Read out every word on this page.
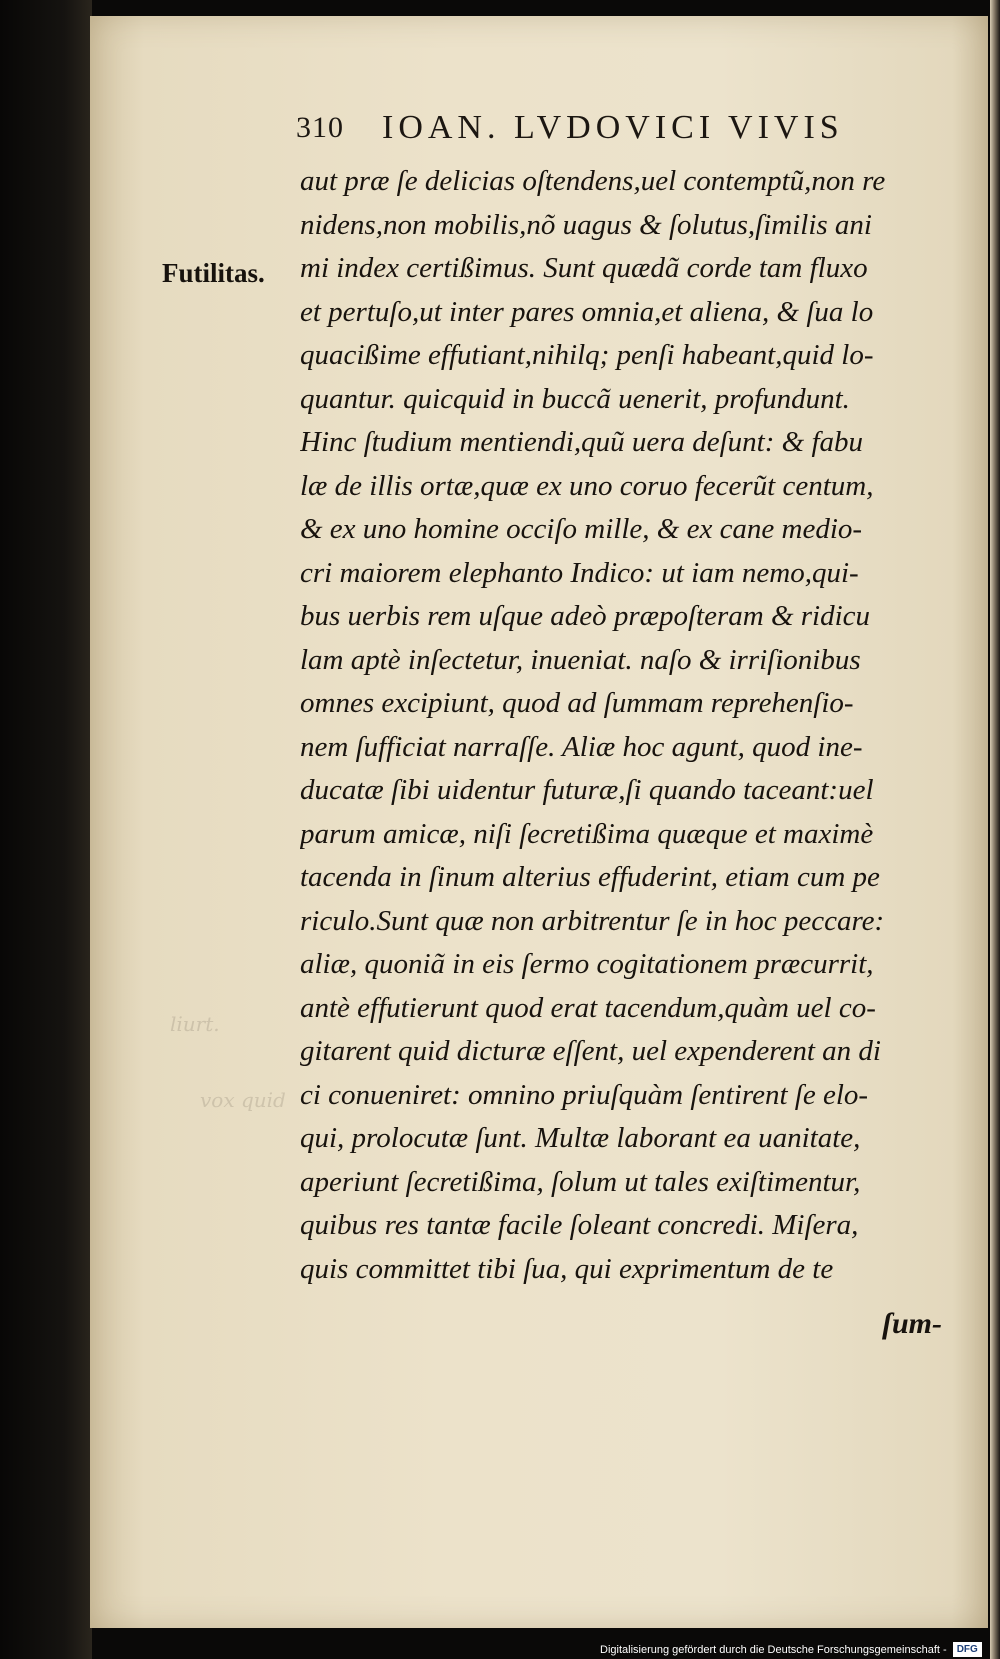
liurt.
vox quid
310 IOAN. LVDOVICI VIVIS
Futilitas.
aut præ ſe delicias oſtendens,uel contemptũ,non re
nidens,non mobilis,nõ uagus & ſolutus,ſimilis ani
mi index certißimus. Sunt quædã corde tam fluxo
et pertuſo,ut inter pares omnia,et aliena, & ſua lo
quacißime effutiant,nihilq; penſi habeant,quid lo-
quantur. quicquid in buccã uenerit, profundunt.
Hinc ſtudium mentiendi,quũ uera deſunt: & fabu
læ de illis ortæ,quæ ex uno coruo fecerũt centum,
& ex uno homine occiſo mille, & ex cane medio-
cri maiorem elephanto Indico: ut iam nemo,qui-
bus uerbis rem uſque adeò præpoſteram & ridicu
lam aptè inſectetur, inueniat. naſo & irriſionibus
omnes excipiunt, quod ad ſummam reprehenſio-
nem ſufficiat narraſſe. Aliæ hoc agunt, quod ine-
ducatæ ſibi uidentur futuræ,ſi quando taceant:uel
parum amicæ, niſi ſecretißima quæque et maximè
tacenda in ſinum alterius effuderint, etiam cum pe
riculo.Sunt quæ non arbitrentur ſe in hoc peccare:
aliæ, quoniã in eis ſermo cogitationem præcurrit,
antè effutierunt quod erat tacendum,quàm uel co-
gitarent quid dicturæ eſſent, uel expenderent an di
ci conueniret: omnino priuſquàm ſentirent ſe elo-
qui, prolocutæ ſunt. Multæ laborant ea uanitate,
aperiunt ſecretißima, ſolum ut tales exiſtimentur,
quibus res tantæ facile ſoleant concredi. Miſera,
quis committet tibi ſua, qui exprimentum de te
ſum-
Digitalisierung gefördert durch die Deutsche Forschungsgemeinschaft -	DFG
